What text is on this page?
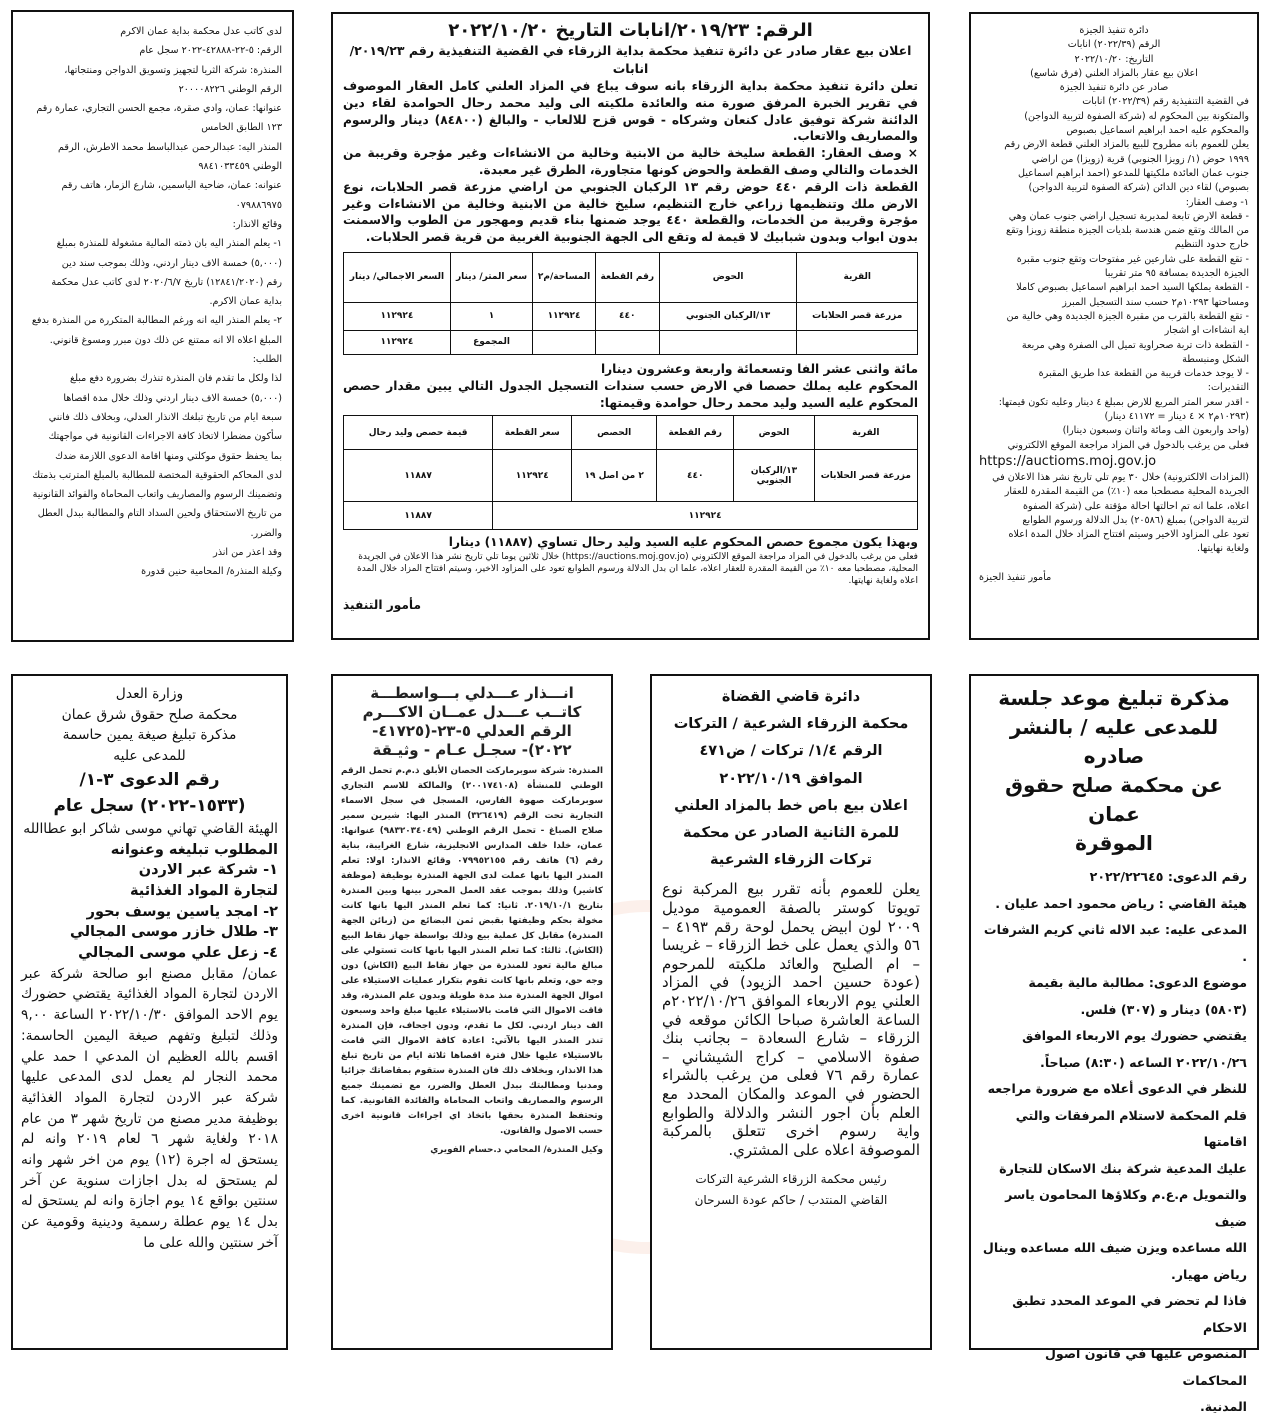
لدى كاتب عدل محكمة بداية عمان الاكرم
الرقم: ٥-٢٢-٤٢٨٨٨-٢٠٢٢ سجل عام
المنذرة: شركة الثريا لتجهيز وتسويق الدواجن ومنتجاتها،
الرقم الوطني ٢٠٠٠٠٨٢٢٦
عنوانها: عمان، وادي صقرة، مجمع الحسن التجاري، عمارة رقم
١٢٣ الطابق الخامس
المنذر اليه: عبدالرحمن عبدالباسط محمد الاطرش، الرقم
الوطني ٩٨٤١٠٣٣٤٥٩
عنوانه: عمان، ضاحية الياسمين، شارع الزمار، هاتف رقم
٠٧٩٨٨٦٩٧٥
وقائع الانذار:
١- يعلم المنذر اليه بان ذمته المالية مشغولة للمنذرة بمبلغ
(٥,٠٠٠) خمسة الاف دينار اردني، وذلك بموجب سند دين
رقم (١٢٨٤١/٢٠٢٠) تاريخ ٢٠٢٠/٦/٧ لدى كاتب عدل محكمة
بداية عمان الاكرم.
٢- يعلم المنذر اليه انه ورغم المطالبة المتكررة من المنذرة بدفع
المبلغ اعلاه الا انه ممتنع عن ذلك دون مبرر ومسوغ قانوني.
الطلب:
لذا ولكل ما تقدم فان المنذرة تنذرك بضرورة دفع مبلغ
(٥,٠٠٠) خمسة الاف دينار اردني وذلك خلال مدة اقصاها
سبعة ايام من تاريخ تبلغك الانذار العدلي، وبخلاف ذلك فانني
سأكون مضطرا لاتخاذ كافة الاجراءات القانونية في مواجهتك
بما يحفظ حقوق موكلتي ومنها اقامة الدعوى اللازمة ضدك
لدى المحاكم الحقوقية المختصة للمطالبة بالمبلغ المترتب بذمتك
وتضمينك الرسوم والمصاريف واتعاب المحاماة والفوائد القانونية
من تاريخ الاستحقاق ولحين السداد التام والمطالبة ببدل العطل
والضرر.
وقد اعذر من انذر
وكيلة المنذرة/ المحامية حنين قدورة
الرقم: ٢٠١٩/٢٣/انابات التاريخ ٢٠٢٢/١٠/٢٠
اعلان بيع عقار صادر عن دائرة تنفيذ محكمة بداية الزرقاء في القضية التنفيذية رقم ٢٠١٩/٢٣/انابات
تعلن دائرة تنفيذ محكمة بداية الزرقاء بانه سوف يباع في المزاد العلني كامل العقار الموصوف في تقرير الخبرة المرفق صورة منه والعائدة ملكيته الى وليد محمد رحال الحوامدة لقاء دين الدائنة شركة توفيق عادل كنعان وشركاه - قوس قزح للالعاب - والبالغ (٨٤٨٠٠) دينار والرسوم والمصاريف والاتعاب.
× وصف العقار: القطعة سليخة خالية من الابنية وخالية من الانشاءات وغير مؤجرة وقريبة من الخدمات والتالي وصف القطعة والحوض كونها متجاورة، الطرق غير معبدة.
القطعة ذات الرقم ٤٤٠ حوض رقم ١٣ الركبان الجنوبي من اراضي مزرعة قصر الحلابات، نوع الارض ملك وتنظيمها زراعي خارج التنظيم، سليخ خالية من الابنية وخالية من الانشاءات وغير مؤجرة وقريبة من الخدمات، والقطعة ٤٤٠ يوجد ضمنها بناء قديم ومهجور من الطوب والاسمنت بدون ابواب وبدون شبابيك لا قيمة له وتقع الى الجهة الجنوبية الغربية من قرية قصر الحلابات.
القرية	الحوض	رقم القطعة	المساحة/م٢	سعر المتر/ دينار	السعر الاجمالي/ دينار
مزرعة قصر الحلابات	١٣/الركبان الجنوبي	٤٤٠	١١٢٩٢٤	١	١١٢٩٢٤
				المجموع	١١٢٩٢٤
مائة واثنى عشر الفا وتسعمائة واربعة وعشرون دينارا
المحكوم عليه يملك حصصا في الارض حسب سندات التسجيل الجدول التالي يبين مقدار حصص المحكوم عليه السيد وليد محمد رحال حوامدة وقيمتها:
القرية	الحوض	رقم القطعة	الحصص	سعر القطعة	قيمة حصص وليد رحال
مزرعة قصر الحلابات	١٣/الركبان الجنوبي	٤٤٠	٢ من اصل ١٩	١١٢٩٢٤	١١٨٨٧
١١٢٩٢٤					١١٨٨٧
وبهذا يكون مجموع حصص المحكوم عليه السيد وليد رحال تساوي (١١٨٨٧) دينارا
فعلى من يرغب بالدخول في المزاد مراجعة الموقع الالكتروني (https://auctions.moj.gov.jo) خلال ثلاثين يوما تلي تاريخ نشر هذا الاعلان في الجريدة المحلية، مصطحبا معه ١٠٪ من القيمة المقدرة للعقار اعلاه، علما ان بدل الدلالة ورسوم الطوابع تعود على المزاود الاخير، وسيتم افتتاح المزاد خلال المدة اعلاه ولغاية نهايتها.
مأمور التنفيذ
دائرة تنفيذ الجيزة
الرقم (٢٠٢٢/٣٩) انابات
التاريخ: ٢٠٢٢/١٠/٢٠
اعلان بيع عقار بالمزاد العلني (فرق شاسع)
صادر عن دائرة تنفيذ الجيزة
في القضية التنفيذية رقم (٢٠٢٢/٣٩) انابات
والمتكونة بين المحكوم له (شركة الصفوة لتربية الدواجن)
والمحكوم عليه احمد ابراهيم اسماعيل بصبوص
يعلن للعموم بانه مطروح للبيع بالمزاد العلني قطعة الارض رقم
١٩٩٩ حوض (١/ زويزا الجنوبي) قرية (زويزا) من اراضي
جنوب عمان العائدة ملكيتها للمدعو (احمد ابراهيم اسماعيل
بصبوص) لقاء دين الدائن (شركة الصفوة لتربية الدواجن)
١- وصف العقار:
- قطعة الارض تابعة لمديرية تسجيل اراضي جنوب عمان وهي
من المالك وتقع ضمن هندسة بلديات الجيزة منطقة زويزا وتقع
خارج حدود التنظيم
- تقع القطعة على شارعين غير مفتوحات وتقع جنوب مقبرة
الجيزة الجديدة بمسافة ٩٥ متر تقريبا
- القطعة يملكها السيد احمد ابراهيم اسماعيل بصبوص كاملا
ومساحتها ١٠٢٩٣م٢ حسب سند التسجيل المبرز
- تقع القطعة بالقرب من مقبرة الجيزة الجديدة وهي خالية من
اية انشاءات او اشجار
- القطعة ذات تربة صحراوية تميل الى الصفرة وهي مربعة
الشكل ومنبسطة
- لا يوجد خدمات قريبة من القطعة عدا طريق المقبرة
التقديرات:
- اقدر سعر المتر المربع للارض بمبلغ ٤ دينار وعليه تكون قيمتها:
(١٠٢٩٣م٢ × ٤ دينار = ٤١١٧٢ دينار)
(واحد واربعون الف ومائة واثنان وسبعون دينارا)
فعلى من يرغب بالدخول في المزاد مراجعة الموقع الالكتروني
https://auctioms.moj.gov.jo
(المزادات الالكترونية) خلال ٣٠ يوم تلي تاريخ نشر هذا الاعلان في
الجريدة المحلية مصطحبا معه (١٠٪) من القيمة المقدرة للعقار
اعلاه، علما انه تم احالتها احالة مؤقتة على (شركة الصفوة
لتربية الدواجن) بمبلغ (٢٠٥٨٦) بدل الدلالة ورسوم الطوابع
تعود على المزاود الاخير وسيتم افتتاح المزاد خلال المدة اعلاه
ولغاية نهايتها.
مأمور تنفيذ الجيزة
وزارة العدل
محكمة صلح حقوق شرق عمان
مذكرة تبليغ صيغة يمين حاسمة
للمدعى عليه
رقم الدعوى ٣-١/
(١٥٣٣-٢٠٢٢) سجل عام
الهيئة القاضي تهاني موسى شاكر ابو عطاالله
المطلوب تبليغه وعنوانه
١- شركة عبر الاردن
لتجارة المواد الغذائية
٢- امجد ياسين يوسف بحور
٣- طلال خازر موسى المجالي
٤- زعل علي موسى المجالي
عمان/ مقابل مصنع ابو صالحة شركة عبر الاردن لتجارة المواد الغذائية يقتضي حضورك يوم الاحد الموافق ٢٠٢٢/١٠/٣٠ الساعة ٩,٠٠ وذلك لتبليغ وتفهم صيغة اليمين الحاسمة: اقسم بالله العظيم ان المدعي ا حمد علي محمد النجار لم يعمل لدى المدعى عليها شركة عبر الاردن لتجارة المواد الغذائية بوظيفة مدير مصنع من تاريخ شهر ٣ من عام ٢٠١٨ ولغاية شهر ٦ لعام ٢٠١٩ وانه لم يستحق له اجرة (١٢) يوم من اخر شهر وانه لم يستحق له بدل اجازات سنوية عن آخر سنتين بواقع ١٤ يوم اجازة وانه لم يستحق له بدل ١٤ يوم عطلة رسمية ودينية وقومية عن آخر سنتين والله على ما
انـــذار عـــدلي بـــواسطـــة
كاتــب عـــدل عمــان الاكـــرم
الرقم العدلي ٥-٢٣-(٤١٧٢٥-
٢٠٢٢)- سجـل عـام - وثيـقة
المنذرة: شركة سوبرماركت الحصان الأبلق ذ.م.م تحمل الرقم الوطني للمنشأة (٢٠٠١٧٤١٠٨) والمالكة للاسم التجاري سوبرماركت صهوة الفارس، المسجل في سجل الاسماء التجارية تحت الرقم (٣٢٦٤١٩) المنذر اليها: شيرين سمير صلاح الصباغ - تحمل الرقم الوطني (٩٨٣٢٠٣٤٠٤٩) عنوانها: عمان، خلدا خلف المدارس الانجليزية، شارع الغرايبة، بناية رقم (٦) هاتف رقم ٠٧٩٩٥٢١٥٥ وقائع الانذار: اولا: تعلم المنذر اليها بانها عملت لدى الجهة المنذرة بوظيفة (موظفة كاشير) وذلك بموجب عقد العمل المحرر بينها وبين المنذرة بتاريخ ٢٠١٩/١٠/١. ثانيا: كما تعلم المنذر اليها بانها كانت مخولة بحكم وظيفتها بقبض ثمن البضائع من (زبائن الجهة المنذرة) مقابل كل عملية بيع وذلك بواسطة جهاز نقاط البيع (الكاش). ثالثا: كما تعلم المنذر اليها بانها كانت تستولي على مبالغ مالية تعود للمنذرة من جهاز نقاط البيع (الكاش) دون وجه حق، وتعلم بانها كانت تقوم بتكرار عمليات الاستيلاء على اموال الجهة المنذرة منذ مدة طويلة وبدون علم المنذرة، وقد فاقت الاموال التي قامت بالاستيلاء عليها مبلغ واحد وسبعون الف دينار اردني. لكل ما تقدم، ودون اجحاف، فإن المنذرة تنذر المنذر اليها بالآتي: اعادة كافة الاموال التي قامت بالاستيلاء عليها خلال فترة اقصاها ثلاثة ايام من تاريخ تبلغ هذا الانذار، وبخلاف ذلك فان المنذرة ستقوم بمقاضاتك جزائيا ومدنيا ومطالبتك ببدل العطل والضرر، مع تضمينك جميع الرسوم والمصاريف واتعاب المحاماة والفائدة القانونية. كما وتحتفظ المنذرة بحقها باتخاذ اي اجراءات قانونية اخرى حسب الاصول والقانون.
وكيل المنذرة/ المحامي د.حسام الفويري
دائرة قاضي القضاة
محكمة الزرقاء الشرعية / التركات
الرقم ١/٤/ تركات / ض٤٧١
الموافق ٢٠٢٢/١٠/١٩
اعلان بيع باص خط بالمزاد العلني
للمرة الثانية الصادر عن محكمة
تركات الزرقاء الشرعية
يعلن للعموم بأنه تقرر بيع المركبة نوع تويوتا كوستر بالصفة العمومية موديل ٢٠٠٩ لون ابيض يحمل لوحة رقم ٤١٩٣ – ٥٦ والذي يعمل على خط الزرقاء – غريسا – ام الصليح والعائد ملكيته للمرحوم (عودة حسين احمد الزيود) في المزاد العلني يوم الاربعاء الموافق ٢٠٢٢/١٠/٢٦م الساعة العاشرة صباحا الكائن موقعه في الزرقاء – شارع السعادة – بجانب بنك صفوة الاسلامي – كراج الشيشاني – عمارة رقم ٧٦ فعلى من يرغب بالشراء الحضور في الموعد والمكان المحدد مع العلم بأن اجور النشر والدلالة والطوابع واية رسوم اخرى تتعلق بالمركبة الموصوفة اعلاه على المشتري.
رئيس محكمة الزرقاء الشرعية التركات
القاضي المنتدب / حاكم عودة السرحان
مذكرة تبليغ موعد جلسة
للمدعى عليه / بالنشر صادره
عن محكمة صلح حقوق عمان
الموقرة
رقم الدعوى: ٢٠٢٢/٢٢٦٤٥
هيئة القاضي : رياض محمود احمد عليان .
المدعى عليه: عبد الاله ثاني كريم الشرفات .
موضوع الدعوى: مطالبة مالية بقيمة
(٥٨٠٣) دينار و (٣٠٧) فلس.
يقتضي حضورك يوم الاربعاء الموافق
٢٠٢٢/١٠/٢٦ الساعه (٨:٣٠) صباحاً.
للنظر في الدعوى أعلاه مع ضرورة مراجعه
قلم المحكمة لاستلام المرفقات والتي اقامتها
عليك المدعية شركة بنك الاسكان للتجارة
والتمويل م.ع.م وكلاؤها المحامون ياسر ضيف
الله مساعده ويزن ضيف الله مساعده وينال
رياض مهيار.
فاذا لم تحضر في الموعد المحدد تطبق الاحكام
المنصوص عليها في قانون اصول المحاكمات
المدنية.
